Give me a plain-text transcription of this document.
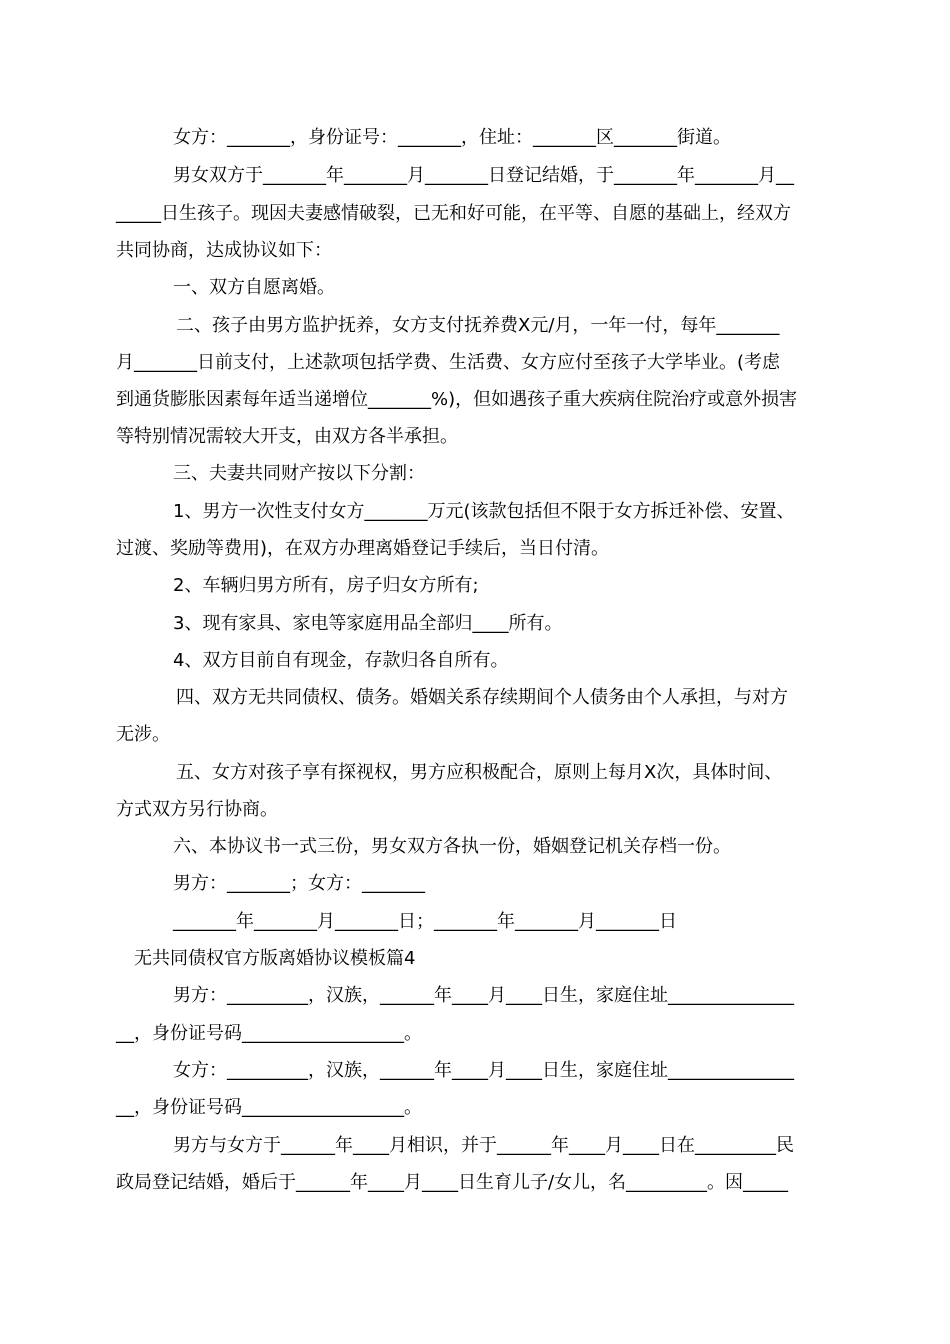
女方：_______，身份证号：_______，住址：_______区_______街道。
男女双方于_______年_______月_______日登记结婚，于_______年_______月__
_____日生孩子。现因夫妻感情破裂，已无和好可能，在平等、自愿的基础上，经双方
共同协商，达成协议如下：
一、双方自愿离婚。
二、孩子由男方监护抚养，女方支付抚养费X元/月，一年一付，每年_______
月_______日前支付，上述款项包括学费、生活费、女方应付至孩子大学毕业。(考虑
到通货膨胀因素每年适当递增位_______%)，但如遇孩子重大疾病住院治疗或意外损害
等特别情况需较大开支，由双方各半承担。
三、夫妻共同财产按以下分割：
1、男方一次性支付女方_______万元(该款包括但不限于女方拆迁补偿、安置、
过渡、奖励等费用)，在双方办理离婚登记手续后，当日付清。
2、车辆归男方所有，房子归女方所有;
3、现有家具、家电等家庭用品全部归____所有。
4、双方目前自有现金，存款归各自所有。
四、双方无共同债权、债务。婚姻关系存续期间个人债务由个人承担，与对方
无涉。
五、女方对孩子享有探视权，男方应积极配合，原则上每月X次，具体时间、
方式双方另行协商。
六、本协议书一式三份，男女双方各执一份，婚姻登记机关存档一份。
男方：_______；女方：_______
_______年_______月_______日；_______年_______月_______日
无共同债权官方版离婚协议模板篇4
男方：_________，汉族，______年____月____日生，家庭住址______________
__，身份证号码__________________。
女方：_________，汉族，______年____月____日生，家庭住址______________
__，身份证号码__________________。
男方与女方于______年____月相识，并于______年____月____日在_________民
政局登记结婚，婚后于______年____月____日生育儿子/女儿，名_________。因_____
